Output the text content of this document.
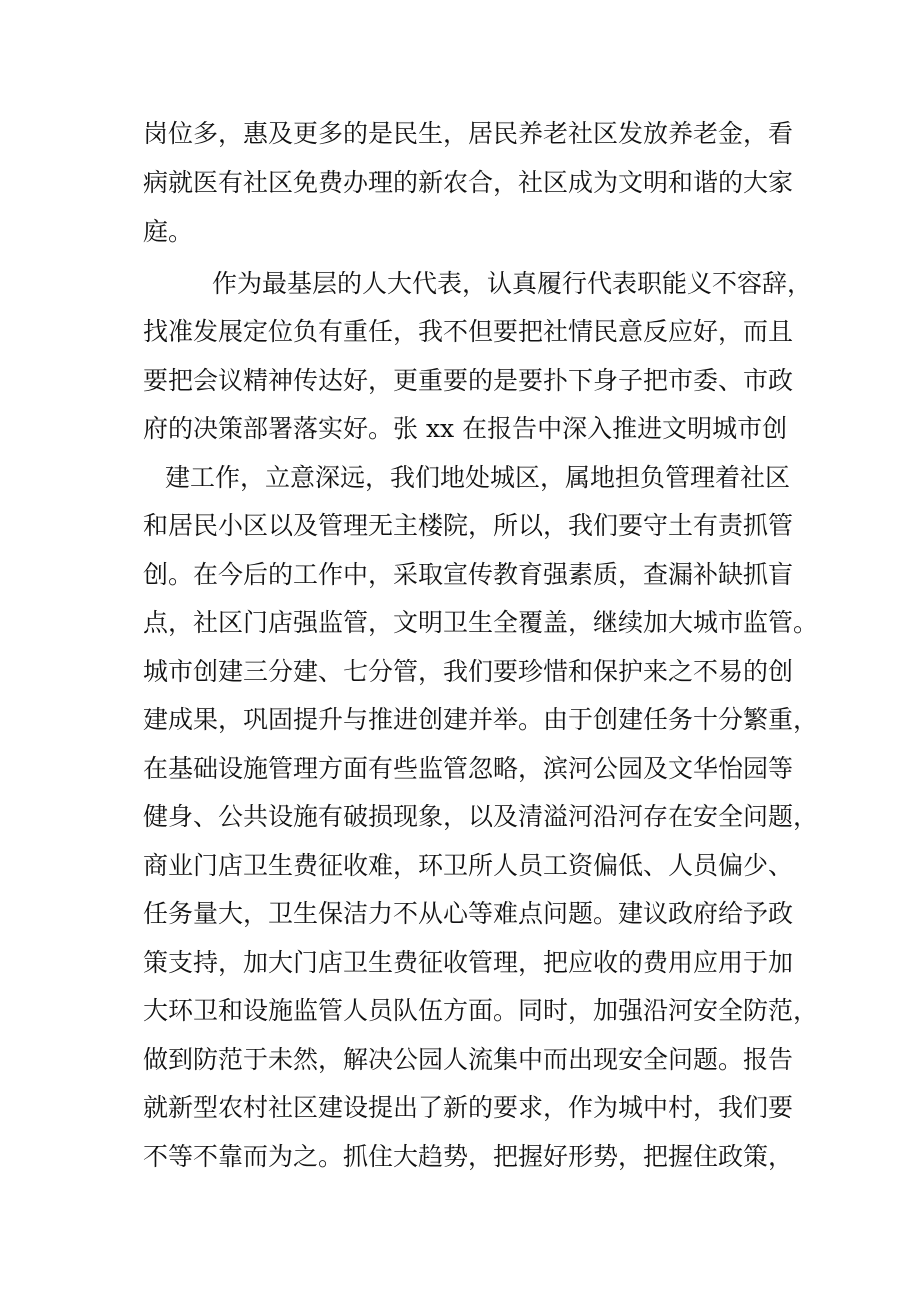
岗位多，惠及更多的是民生，居民养老社区发放养老金，看
病就医有社区免费办理的新农合，社区成为文明和谐的大家
庭。
作为最基层的人大代表，认真履行代表职能义不容辞，
找准发展定位负有重任，我不但要把社情民意反应好，而且
要把会议精神传达好，更重要的是要扑下身子把市委、市政
府的决策部署落实好。张 xx 在报告中深入推进文明城市创
建工作，立意深远，我们地处城区，属地担负管理着社区
和居民小区以及管理无主楼院，所以，我们要守土有责抓管
创。在今后的工作中，采取宣传教育强素质，查漏补缺抓盲
点，社区门店强监管，文明卫生全覆盖，继续加大城市监管。
城市创建三分建、七分管，我们要珍惜和保护来之不易的创
建成果，巩固提升与推进创建并举。由于创建任务十分繁重，
在基础设施管理方面有些监管忽略，滨河公园及文华怡园等
健身、公共设施有破损现象，以及清溢河沿河存在安全问题，
商业门店卫生费征收难，环卫所人员工资偏低、人员偏少、
任务量大，卫生保洁力不从心等难点问题。建议政府给予政
策支持，加大门店卫生费征收管理，把应收的费用应用于加
大环卫和设施监管人员队伍方面。同时，加强沿河安全防范，
做到防范于未然，解决公园人流集中而出现安全问题。报告
就新型农村社区建设提出了新的要求，作为城中村，我们要
不等不靠而为之。抓住大趋势，把握好形势，把握住政策，
